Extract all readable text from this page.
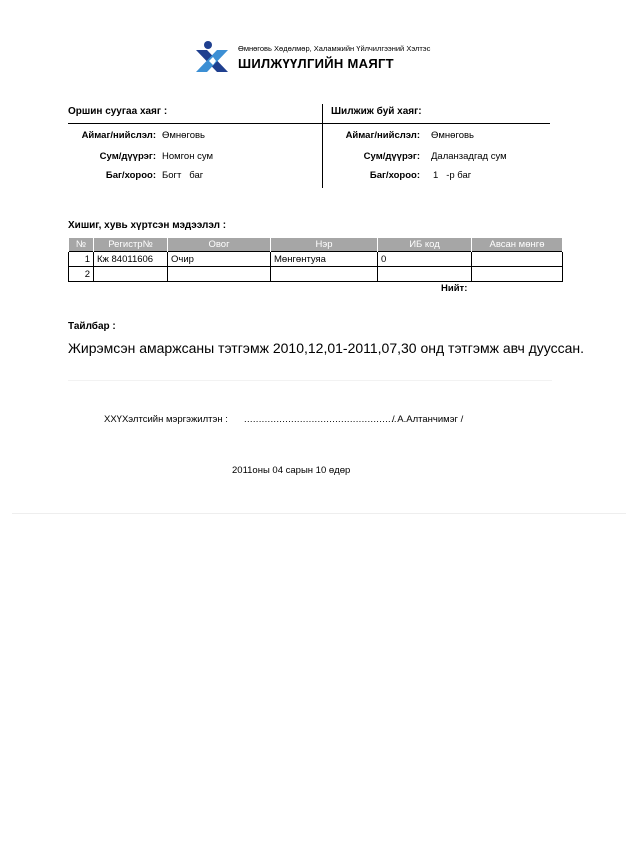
Өмнөговь Хөдөлмөр, Халамжийн Үйлчилгээний Хэлтэс
ШИЛЖҮҮЛГИЙН МАЯГТ
Оршин суугаа хаяг :	Шилжиж буй хаяг:
Аймаг/нийслэл: Өмнөговь
Сум/дүүрэг: Номгон сум
Баг/хороо: Богт   баг
Аймаг/нийслэл: Өмнөговь
Сум/дүүрэг: Даланзадгад сум
Баг/хороо: 1   -р баг
Хишиг, хувь хүртсэн мэдээлэл :
№	Регистр№	Овог	Нэр	ИБ код	Авсан мөнгө
1	Кж 84011606	Очир	Мөнгөнтуяа	0	
2					
Нийт:
Тайлбар :
Жирэмсэн амаржсаны тэтгэмж 2010,12,01-2011,07,30 онд тэтгэмж авч дууссан.
ХХҮХэлтсийн мэргэжилтэн : ....................................................
/ А.Алтанчимэг /
2011оны 04 сарын 10 өдөр
